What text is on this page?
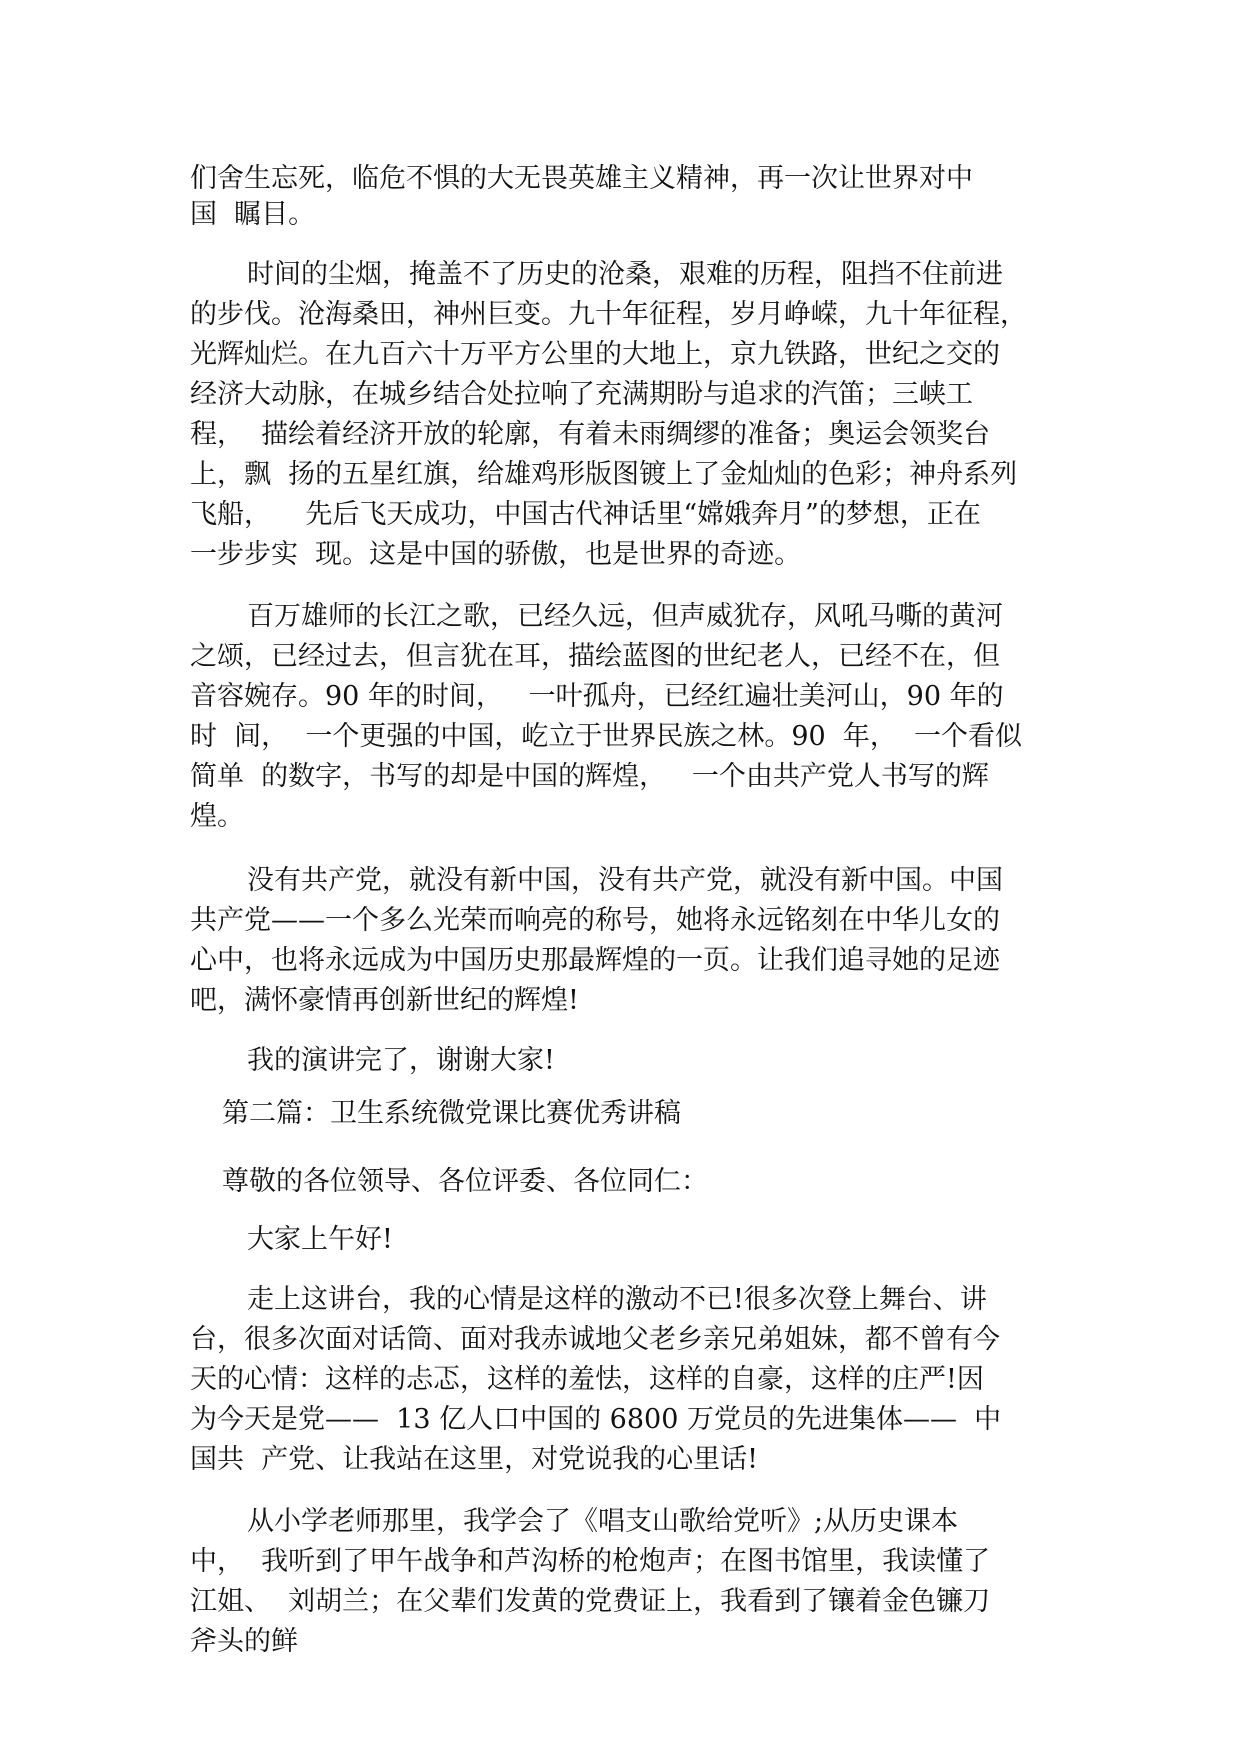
们舍生忘死，临危不惧的大无畏英雄主义精神，再一次让世界对中

国  瞩目。

时间的尘烟，掩盖不了历史的沧桑，艰难的历程，阻挡不住前进

的步伐。沧海桑田，神州巨变。九十年征程，岁月峥嵘，九十年征程，

光辉灿烂。在九百六十万平方公里的大地上，京九铁路，世纪之交的

经济大动脉，在城乡结合处拉响了充满期盼与追求的汽笛；三峡工

程，  描绘着经济开放的轮廓，有着未雨绸缪的准备；奥运会领奖台

上，飘  扬的五星红旗，给雄鸡形版图镀上了金灿灿的色彩；神舟系列

飞船，    先后飞天成功，中国古代神话里“嫦娥奔月”的梦想，正在

一步步实  现。这是中国的骄傲，也是世界的奇迹。

百万雄师的长江之歌，已经久远，但声威犹存，风吼马嘶的黄河

之颂，已经过去，但言犹在耳，描绘蓝图的世纪老人，已经不在，但

音容婉存。90 年的时间，   一叶孤舟，已经红遍壮美河山，90 年的

时  间，  一个更强的中国，屹立于世界民族之林。90  年，  一个看似

简单  的数字，书写的却是中国的辉煌，   一个由共产党人书写的辉

煌。

没有共产党，就没有新中国，没有共产党，就没有新中国。中国

共产党——一个多么光荣而响亮的称号，她将永远铭刻在中华儿女的

心中，也将永远成为中国历史那最辉煌的一页。让我们追寻她的足迹

吧，满怀豪情再创新世纪的辉煌!

我的演讲完了，谢谢大家!

第二篇：卫生系统微党课比赛优秀讲稿

尊敬的各位领导、各位评委、各位同仁：

大家上午好!

走上这讲台，我的心情是这样的激动不已!很多次登上舞台、讲

台，很多次面对话筒、面对我赤诚地父老乡亲兄弟姐妹，都不曾有今

天的心情：这样的忐忑，这样的羞怯，这样的自豪，这样的庄严!因

为今天是党——  13 亿人口中国的 6800 万党员的先进集体——  中

国共  产党、让我站在这里，对党说我的心里话!

从小学老师那里，我学会了《唱支山歌给党听》;从历史课本

中，  我听到了甲午战争和芦沟桥的枪炮声；在图书馆里，我读懂了

江姐、  刘胡兰；在父辈们发黄的党费证上，我看到了镶着金色镰刀

斧头的鲜
